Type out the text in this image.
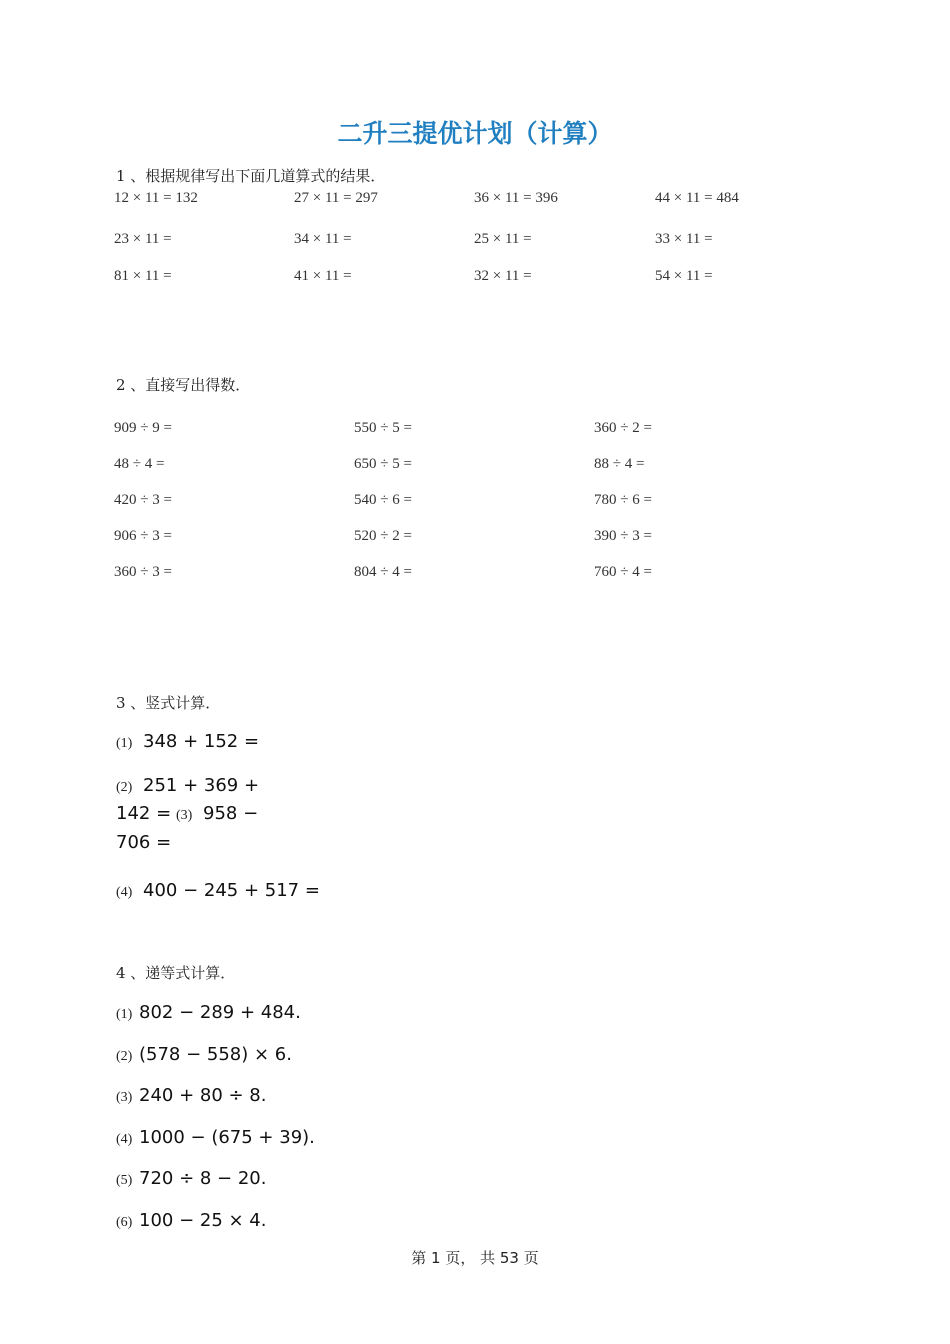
二升三提优计划（计算）
1 、根据规律写出下面几道算式的结果．
12 × 11 = 132	27 × 11 = 297	36 × 11 = 396	44 × 11 = 484
23 × 11 =	34 × 11 =	25 × 11 =	33 × 11 =
81 × 11 =	41 × 11 =	32 × 11 =	54 × 11 =
2 、直接写出得数．
909 ÷ 9 =	550 ÷ 5 =	360 ÷ 2 =
48 ÷ 4 =	650 ÷ 5 =	88 ÷ 4 =
420 ÷ 3 =	540 ÷ 6 =	780 ÷ 6 =
906 ÷ 3 =	520 ÷ 2 =	390 ÷ 3 =
360 ÷ 3 =	804 ÷ 4 =	760 ÷ 4 =
3 、竖式计算．
(1) 348 + 152 =
(2) 251 + 369 +
142 = (3) 958 −
706 =
(4) 400 − 245 + 517 =
4 、递等式计算．
(1) 802 − 289 + 484.
(2) (578 − 558) × 6.
(3) 240 + 80 ÷ 8.
(4) 1000 − (675 + 39).
(5) 720 ÷ 8 − 20.
(6) 100 − 25 × 4.
第 1 页， 共 53 页
